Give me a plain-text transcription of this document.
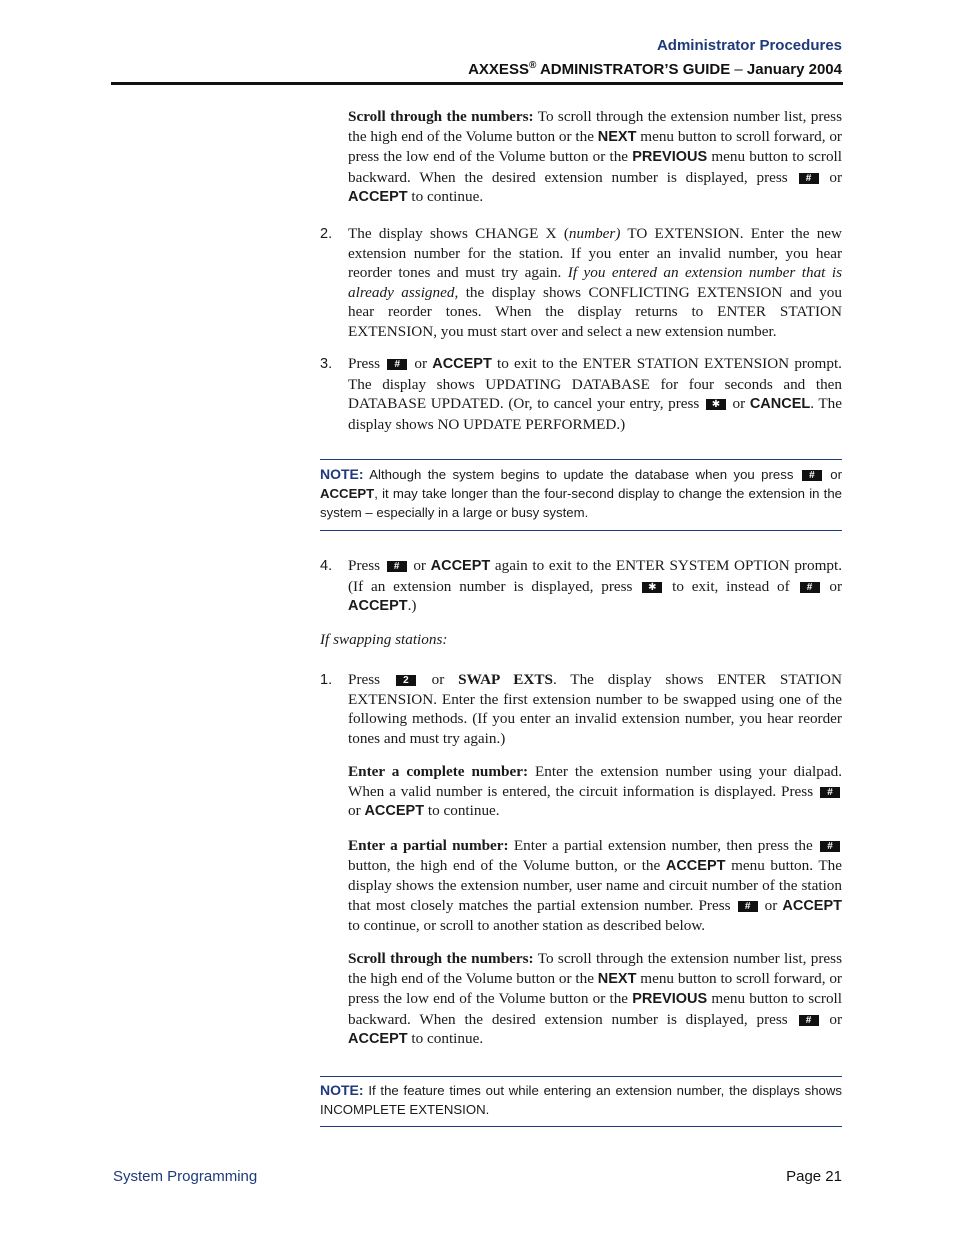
Administrator Procedures
AXXESS® ADMINISTRATOR’S GUIDE – January 2004
Scroll through the numbers: To scroll through the extension number list, press the high end of the Volume button or the NEXT menu button to scroll forward, or press the low end of the Volume button or the PREVIOUS menu button to scroll backward. When the desired extension number is displayed, press # or ACCEPT to continue.
2. The display shows CHANGE X (number) TO EXTENSION. Enter the new extension number for the station. If you enter an invalid number, you hear reorder tones and must try again. If you entered an extension number that is already assigned, the display shows CONFLICTING EXTENSION and you hear reorder tones. When the display returns to ENTER STATION EXTENSION, you must start over and select a new extension number.
3. Press # or ACCEPT to exit to the ENTER STATION EXTENSION prompt. The display shows UPDATING DATABASE for four seconds and then DATABASE UPDATED. (Or, to cancel your entry, press ✱ or CANCEL. The display shows NO UPDATE PERFORMED.)
NOTE: Although the system begins to update the database when you press # or ACCEPT, it may take longer than the four-second display to change the extension in the system – especially in a large or busy system.
4. Press # or ACCEPT again to exit to the ENTER SYSTEM OPTION prompt. (If an extension number is displayed, press ✱ to exit, instead of # or ACCEPT.)
If swapping stations:
1. Press 2 or SWAP EXTS. The display shows ENTER STATION EXTENSION. Enter the first extension number to be swapped using one of the following methods. (If you enter an invalid extension number, you hear reorder tones and must try again.)
Enter a complete number: Enter the extension number using your dialpad. When a valid number is entered, the circuit information is displayed. Press # or ACCEPT to continue.
Enter a partial number: Enter a partial extension number, then press the # button, the high end of the Volume button, or the ACCEPT menu button. The display shows the extension number, user name and circuit number of the station that most closely matches the partial extension number. Press # or ACCEPT to continue, or scroll to another station as described below.
Scroll through the numbers: To scroll through the extension number list, press the high end of the Volume button or the NEXT menu button to scroll forward, or press the low end of the Volume button or the PREVIOUS menu button to scroll backward. When the desired extension number is displayed, press # or ACCEPT to continue.
NOTE: If the feature times out while entering an extension number, the displays shows INCOMPLETE EXTENSION.
System Programming	Page 21
